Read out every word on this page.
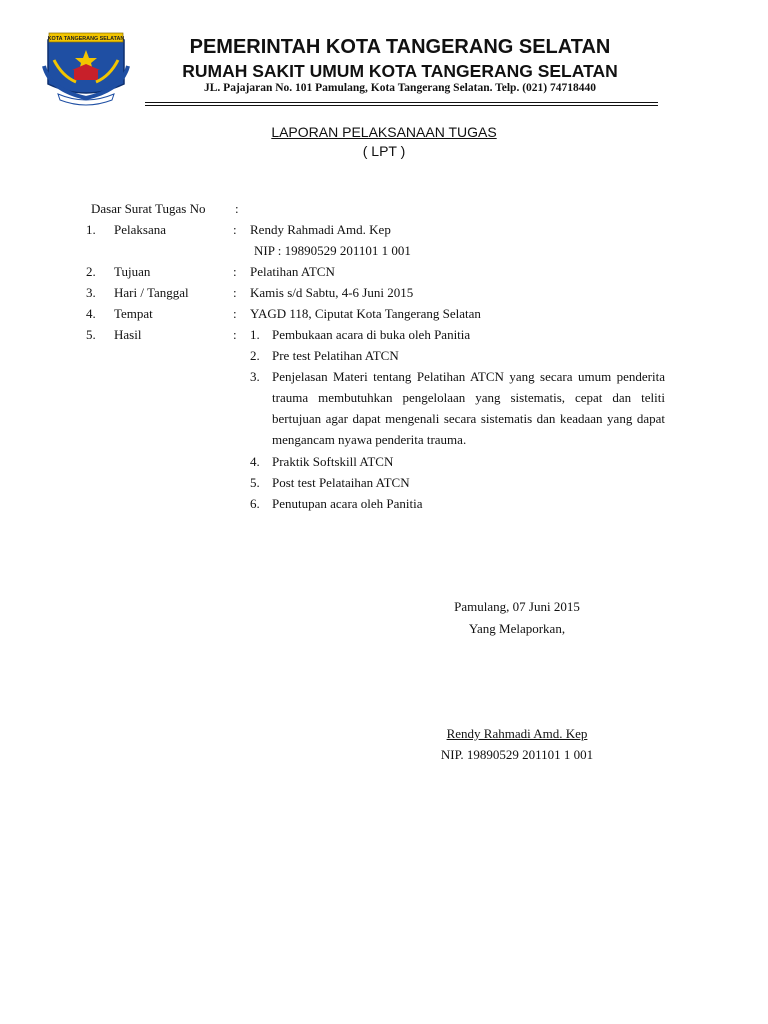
KOTA TANGERANG SELATAN	PEMERINTAH KOTA TANGERANG SELATAN
RUMAH SAKIT UMUM KOTA TANGERANG SELATAN
JL. Pajajaran No. 101 Pamulang, Kota Tangerang Selatan. Telp. (021) 74718440
LAPORAN PELAKSANAAN TUGAS
( LPT )
Dasar Surat Tugas No :
1. Pelaksana	: Rendy Rahmadi Amd. Kep
NIP : 19890529 201101 1 001
2. Tujuan	: Pelatihan ATCN
3. Hari / Tanggal	: Kamis s/d Sabtu, 4-6 Juni 2015
4. Tempat	: YAGD 118, Ciputat Kota Tangerang Selatan
5. Hasil	: 1. Pembukaan acara di buka oleh Panitia
2. Pre test Pelatihan ATCN
3. Penjelasan Materi tentang Pelatihan ATCN yang secara umum penderita trauma membutuhkan pengelolaan yang sistematis, cepat dan teliti bertujuan agar dapat mengenali secara sistematis dan keadaan yang dapat mengancam nyawa penderita trauma.
4. Praktik Softskill ATCN
5. Post test Pelataihan ATCN
6. Penutupan acara oleh Panitia
Pamulang, 07 Juni 2015
Yang Melaporkan,
Rendy Rahmadi Amd. Kep
NIP. 19890529 201101 1 001
